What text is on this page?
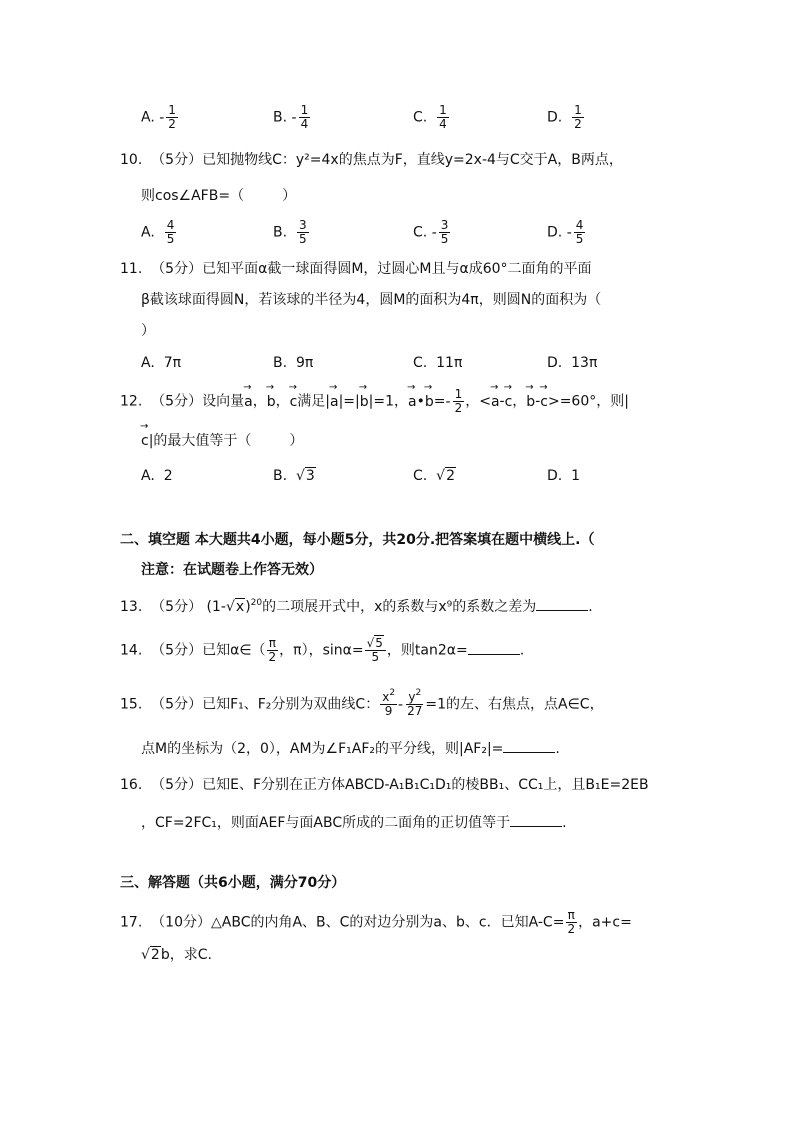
A. - $\frac{1}{2}$	B. - $\frac{1}{4}$	C. $\frac{1}{4}$	D. $\frac{1}{2}$
10. （5分）已知抛物线C：y²=4x的焦点为F，直线y=2x-4与C交于A，B两点，
则cos∠AFB=（	）
A. $\frac{4}{5}$	B. $\frac{3}{5}$	C. - $\frac{3}{5}$	D. - $\frac{4}{5}$
11. （5分）已知平面α截一球面得圆M，过圆心M且与α成60°二面角的平面
β截该球面得圆N，若该球的半径为4，圆M的面积为4π，则圆N的面积为（
）
A. 7π	B. 9π	C. 11π	D. 13π
12. （5分）设向量→ a，→ b，→ c满足|→ a|=|→ b|=1，→ a•→ $b=- \frac{1}{2}$ ，<→ a-→ c，→ b-→ c>=60°，则|
→ c|的最大值等于（	）
A. 2	B.  √3	C.  √2	D. 1
二、填空题 本大题共4小题，每小题5分，共20分.把答案填在题中横线上.（
注意：在试题卷上作答无效）
13. （5分） $(1-√x)^{20}$的二项展开式中，x的系数与x⁹的系数之差为	.
14. （5分）已知α∈（ $\frac{\pi}{2}$ ，π），$\sin\alpha= \frac{√5}{5}$ ，则tan2α=	.
15. （5分）已知F₁、F₂分别为双曲线C： $\frac{x^2}{9} - \frac{y^2}{27} =1$的左、右焦点，点A∈C，
点M的坐标为（2，0），AM为∠F₁AF₂的平分线，则|AF₂|=	.
16. （5分）已知E、F分别在正方体ABCD-A₁B₁C₁D₁的棱BB₁、CC₁上，且B₁E=2EB
，CF=2FC₁，则面AEF与面ABC所成的二面角的正切值等于	.
三、解答题（共6小题，满分70分）
17. （10分）△ABC的内角A、B、C的对边分别为a、b、c．已知$A-C= \frac{\pi}{2}$ ，a+c=
√2b，求C.
